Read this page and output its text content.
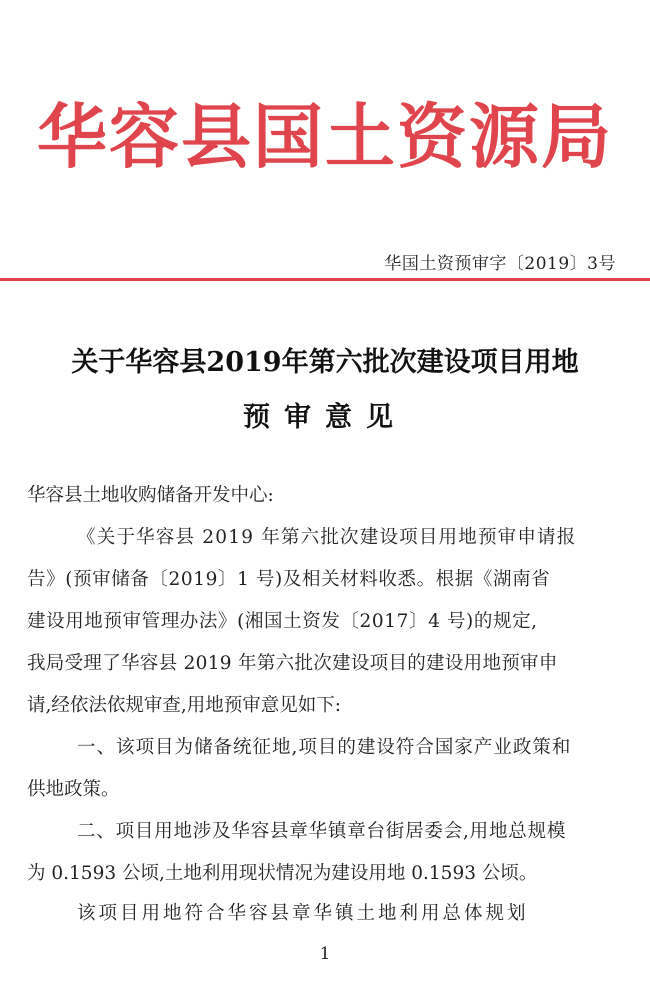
华容县国土资源局
华国土资预审字〔2019〕3号
关于华容县2019年第六批次建设项目用地
预审意见
华容县土地收购储备开发中心:
《关于华容县 2019 年第六批次建设项目用地预审申请报
告》(预审储备〔2019〕1 号)及相关材料收悉。根据《湖南省
建设用地预审管理办法》(湘国土资发〔2017〕4 号)的规定,
我局受理了华容县 2019 年第六批次建设项目的建设用地预审申
请,经依法依规审查,用地预审意见如下:
一、该项目为储备统征地,项目的建设符合国家产业政策和
供地政策。
二、项目用地涉及华容县章华镇章台街居委会,用地总规模
为 0.1593 公顷,土地利用现状情况为建设用地 0.1593 公顷。
该项目用地符合华容县章华镇土地利用总体规划
1
